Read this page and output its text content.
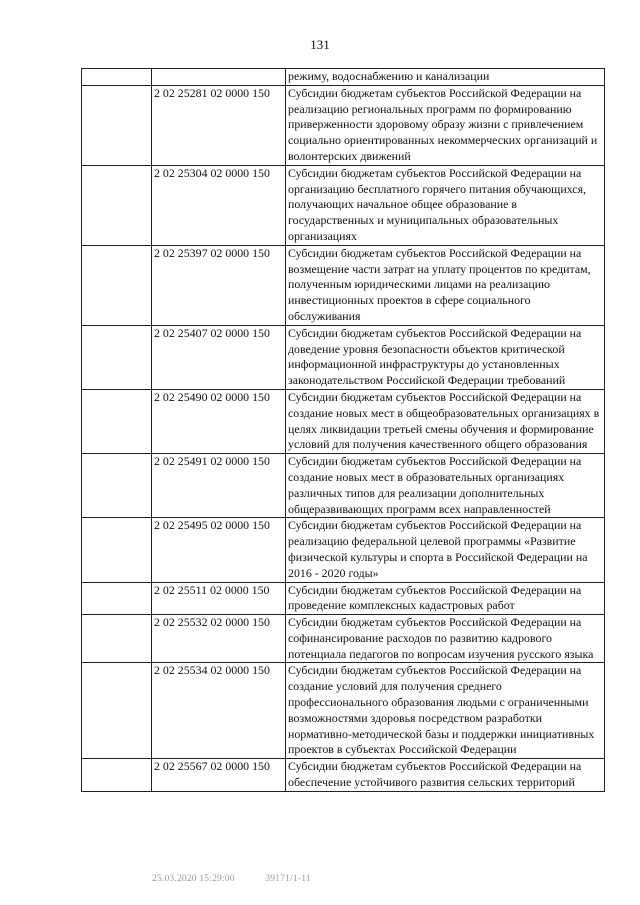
131
		режиму, водоснабжению и канализации
	2 02 25281 02 0000 150	Субсидии бюджетам субъектов Российской Федерации на реализацию региональных программ по формированию приверженности здоровому образу жизни с привлечением социально ориентированных некоммерческих организаций и волонтерских движений
	2 02 25304 02 0000 150	Субсидии бюджетам субъектов Российской Федерации на организацию бесплатного горячего питания обучающихся, получающих начальное общее образование в государственных и муниципальных образовательных организациях
	2 02 25397 02 0000 150	Субсидии бюджетам субъектов Российской Федерации на возмещение части затрат на уплату процентов по кредитам, полученным юридическими лицами на реализацию инвестиционных проектов в сфере социального обслуживания
	2 02 25407 02 0000 150	Субсидии бюджетам субъектов Российской Федерации на доведение уровня безопасности объектов критической информационной инфраструктуры до установленных законодательством Российской Федерации требований
	2 02 25490 02 0000 150	Субсидии бюджетам субъектов Российской Федерации на создание новых мест в общеобразовательных организациях в целях ликвидации третьей смены обучения и формирование условий для получения качественного общего образования
	2 02 25491 02 0000 150	Субсидии бюджетам субъектов Российской Федерации на создание новых мест в образовательных организациях различных типов для реализации дополнительных общеразвивающих программ всех направленностей
	2 02 25495 02 0000 150	Субсидии бюджетам субъектов Российской Федерации на реализацию федеральной целевой программы «Развитие физической культуры и спорта в Российской Федерации на 2016 - 2020 годы»
	2 02 25511 02 0000 150	Субсидии бюджетам субъектов Российской Федерации на проведение комплексных кадастровых работ
	2 02 25532 02 0000 150	Субсидии бюджетам субъектов Российской Федерации на софинансирование расходов по развитию кадрового потенциала педагогов по вопросам изучения русского языка
	2 02 25534 02 0000 150	Субсидии бюджетам субъектов Российской Федерации на создание условий для получения среднего профессионального образования людьми с ограниченными возможностями здоровья посредством разработки нормативно-методической базы и поддержки инициативных проектов в субъектах Российской Федерации
	2 02 25567 02 0000 150	Субсидии бюджетам субъектов Российской Федерации на обеспечение устойчивого развития сельских территорий
25.03.2020 15:29:00	39171/1-11
